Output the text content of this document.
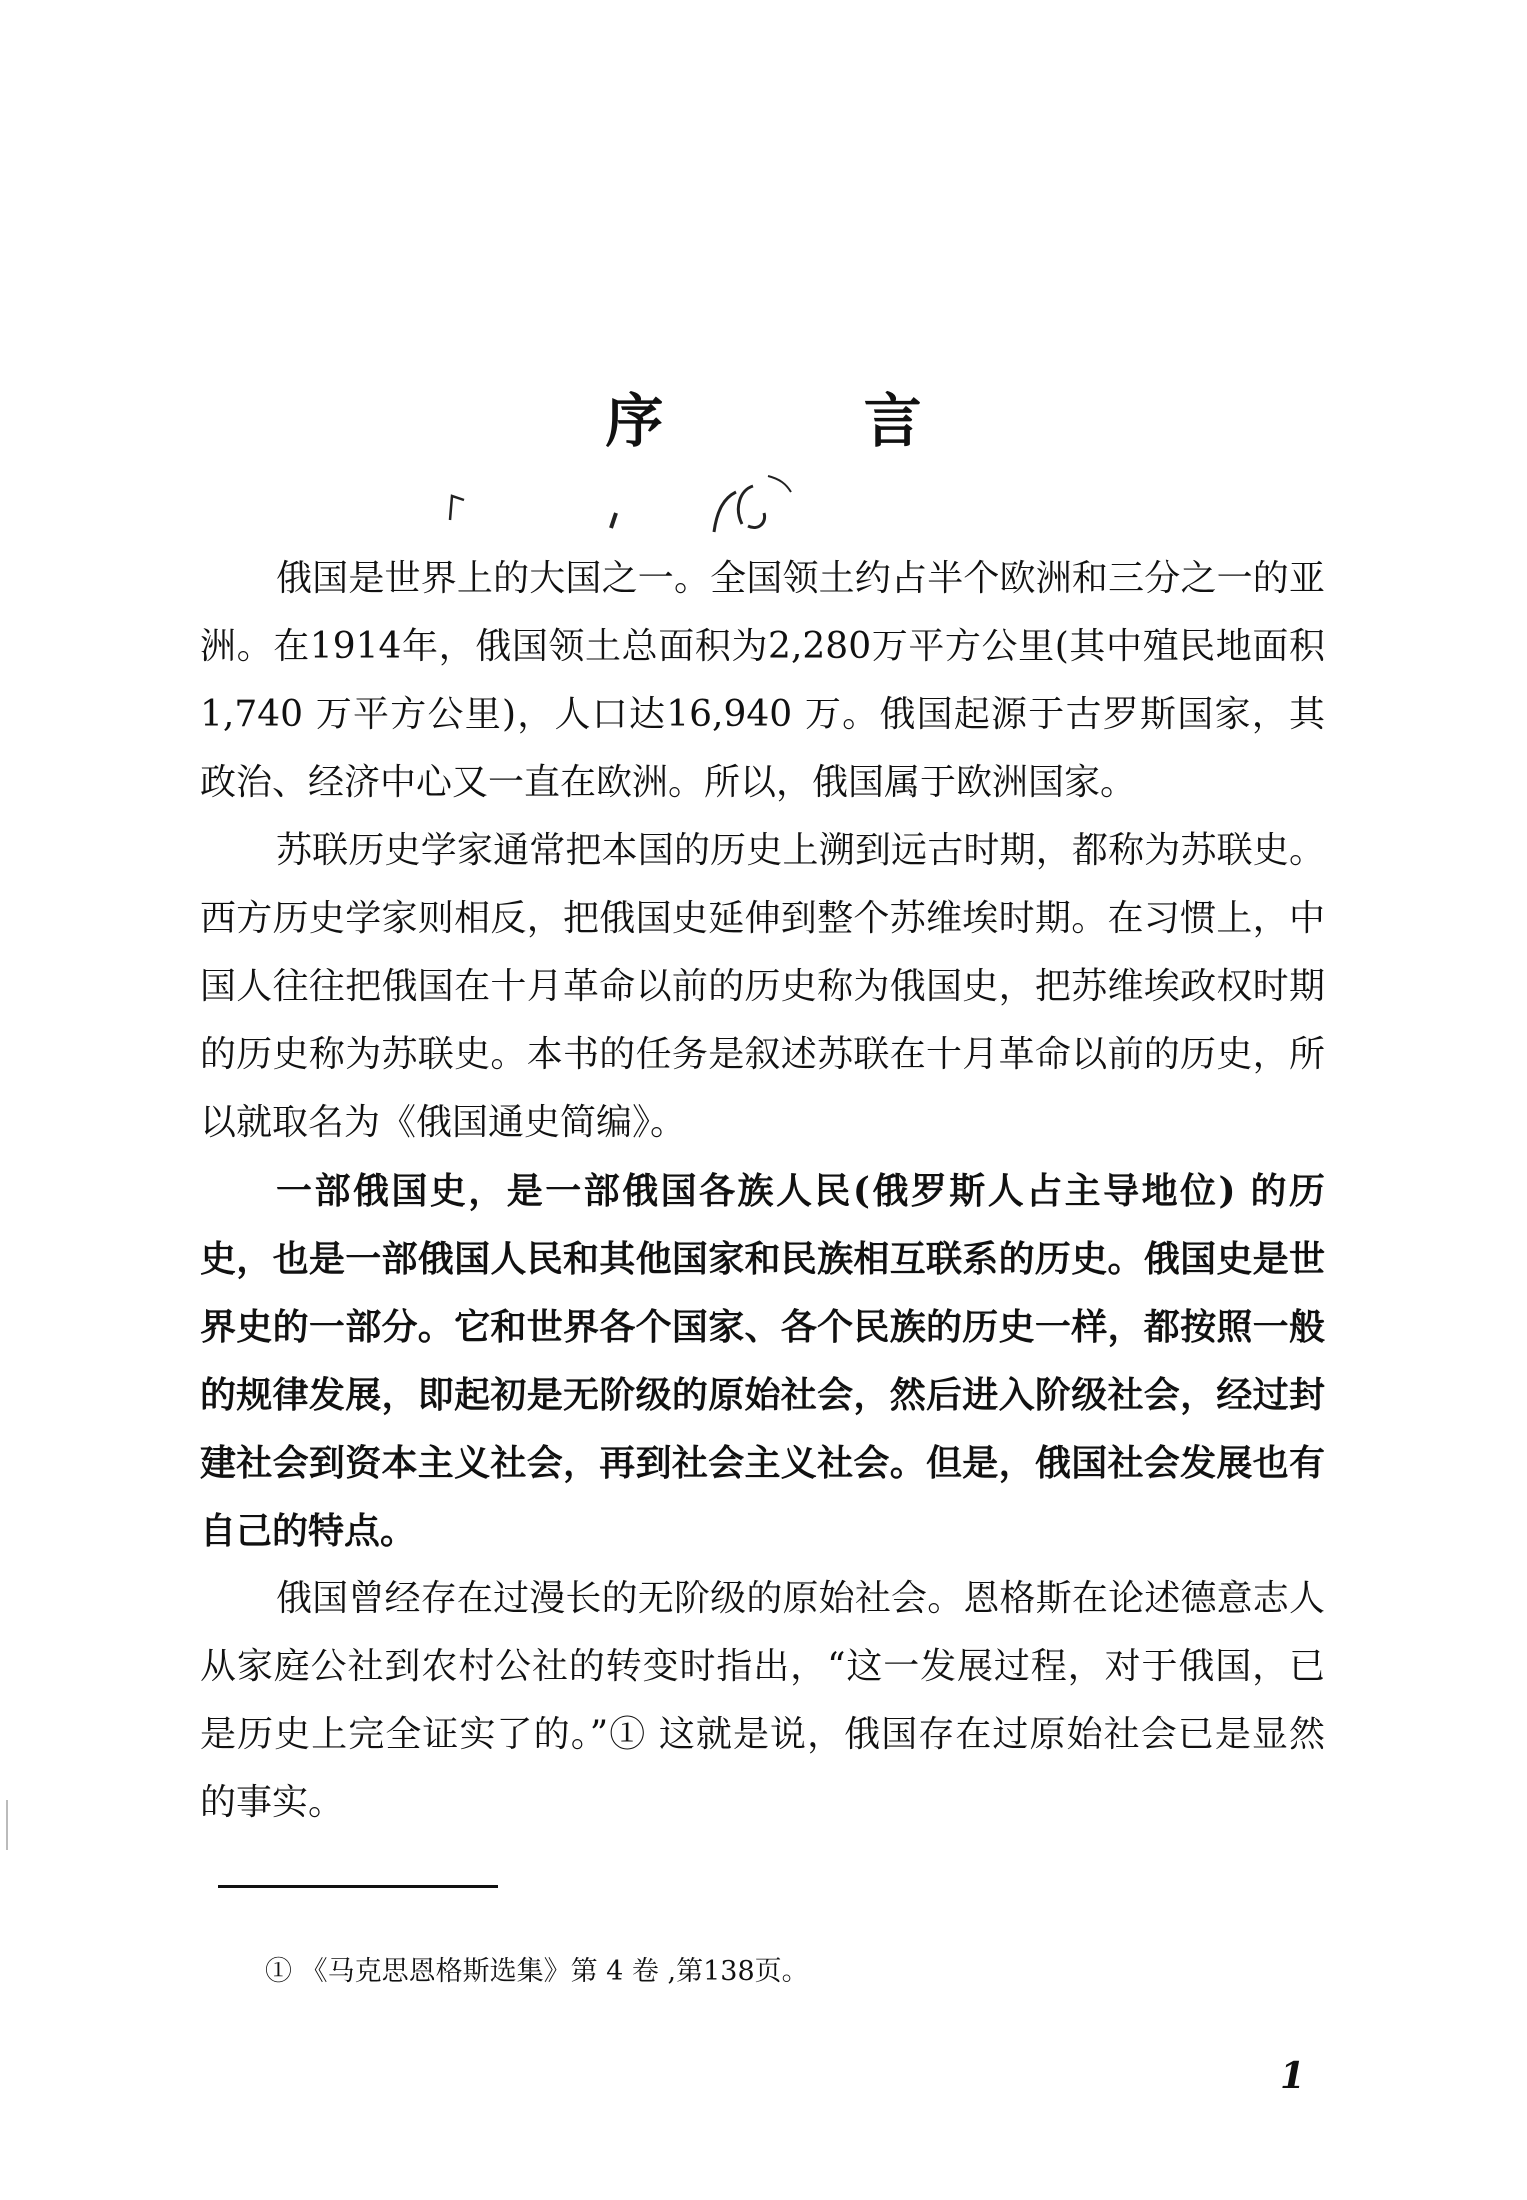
序 言

俄国是世界上的大国之一。全国领土约占半个欧洲和三分之一的亚洲。在1914年，俄国领土总面积为2,280万平方公里(其中殖民地面积1,740 万平方公里)，人口达16,940 万。俄国起源于古罗斯国家，其政治、经济中心又一直在欧洲。所以，俄国属于欧洲国家。

苏联历史学家通常把本国的历史上溯到远古时期，都称为苏联史。西方历史学家则相反，把俄国史延伸到整个苏维埃时期。在习惯上，中国人往往把俄国在十月革命以前的历史称为俄国史，把苏维埃政权时期的历史称为苏联史。本书的任务是叙述苏联在十月革命以前的历史，所以就取名为《俄国通史简编》。

一部俄国史，是一部俄国各族人民(俄罗斯人占主导地位) 的历史，也是一部俄国人民和其他国家和民族相互联系的历史。俄国史是世界史的一部分。它和世界各个国家、各个民族的历史一样，都按照一般的规律发展，即起初是无阶级的原始社会，然后进入阶级社会，经过封建社会到资本主义社会，再到社会主义社会。但是，俄国社会发展也有自己的特点。

俄国曾经存在过漫长的无阶级的原始社会。恩格斯在论述德意志人从家庭公社到农村公社的转变时指出，“这一发展过程，对于俄国，已是历史上完全证实了的。”① 这就是说，俄国存在过原始社会已是显然的事实。

① 《马克思恩格斯选集》第 4 卷 ,第138页。
1
